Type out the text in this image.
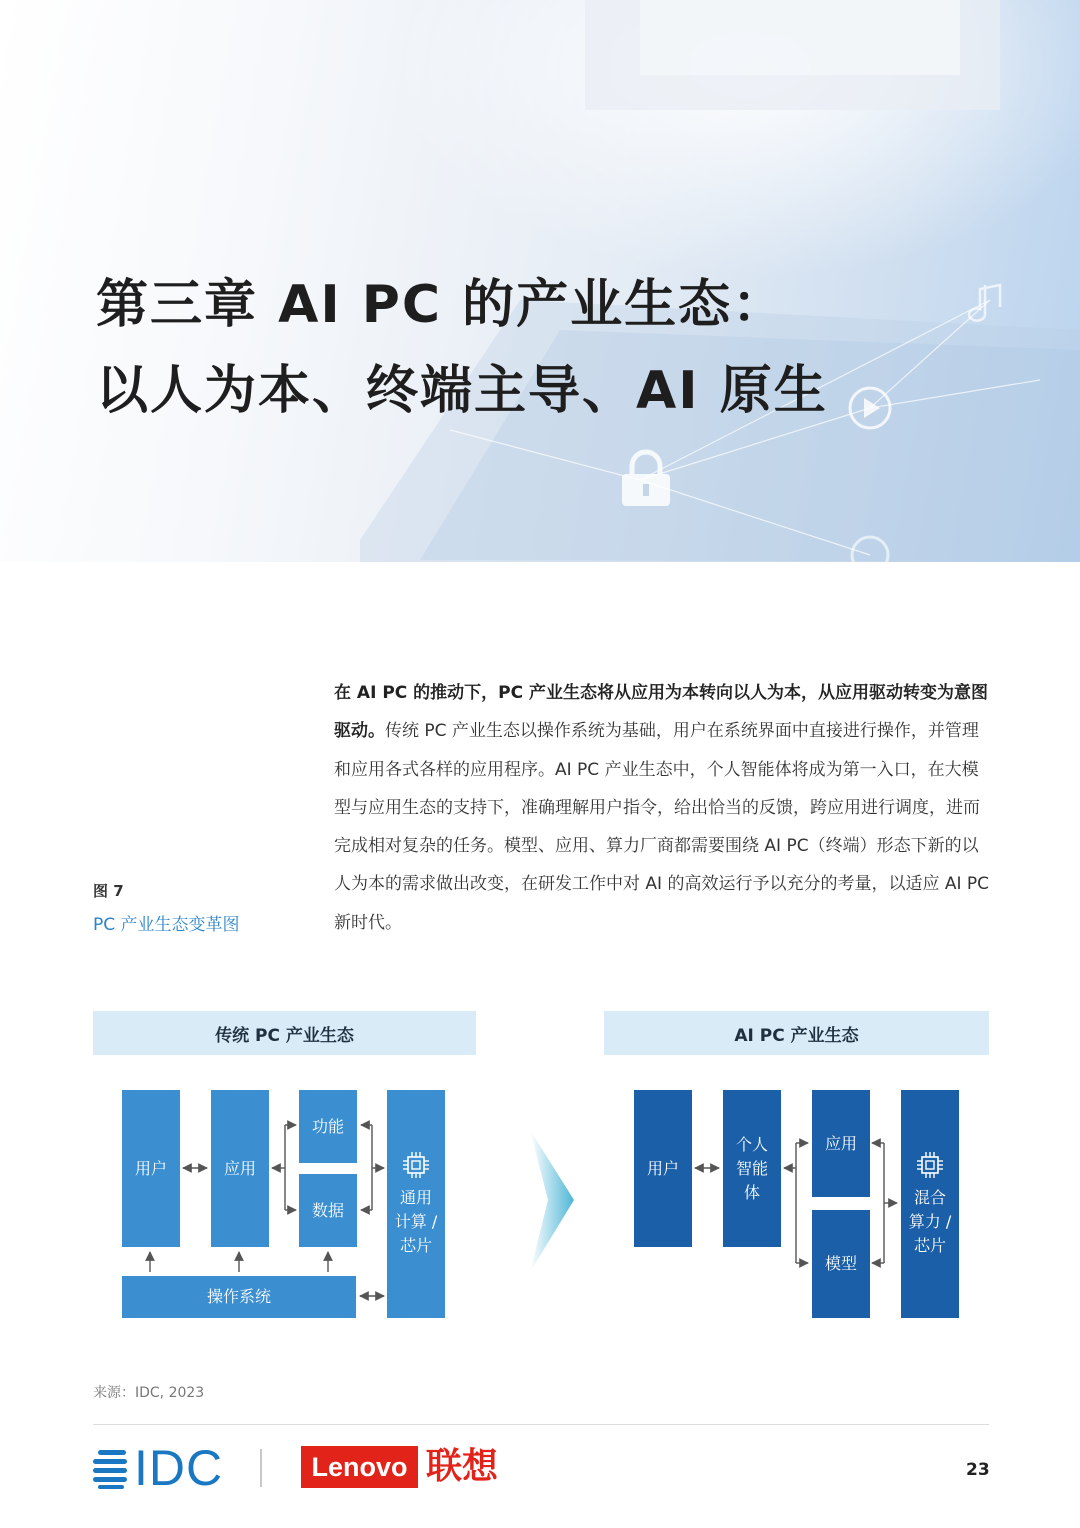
第三章 AI PC 的产业生态：
以人为本、终端主导、AI 原生
图 7
PC 产业生态变革图

在 AI PC 的推动下，PC 产业生态将从应用为本转向以人为本，从应用驱动转变为意图驱动。传统 PC 产业生态以操作系统为基础，用户在系统界面中直接进行操作，并管理和应用各式各样的应用程序。AI PC 产业生态中，个人智能体将成为第一入口，在大模型与应用生态的支持下，准确理解用户指令，给出恰当的反馈，跨应用进行调度，进而完成相对复杂的任务。模型、应用、算力厂商都需要围绕 AI PC（终端）形态下新的以人为本的需求做出改变，在研发工作中对 AI 的高效运行予以充分的考量，以适应 AI PC 新时代。

传统 PC 产业生态	AI PC 产业生态
用户	应用
功能
数据
通用
计算 /
芯片
操作系统
用户
个人
智能
体
应用
模型
混合
算力 /
芯片
来源：IDC, 2023
IDC	Lenovo 联想	23
